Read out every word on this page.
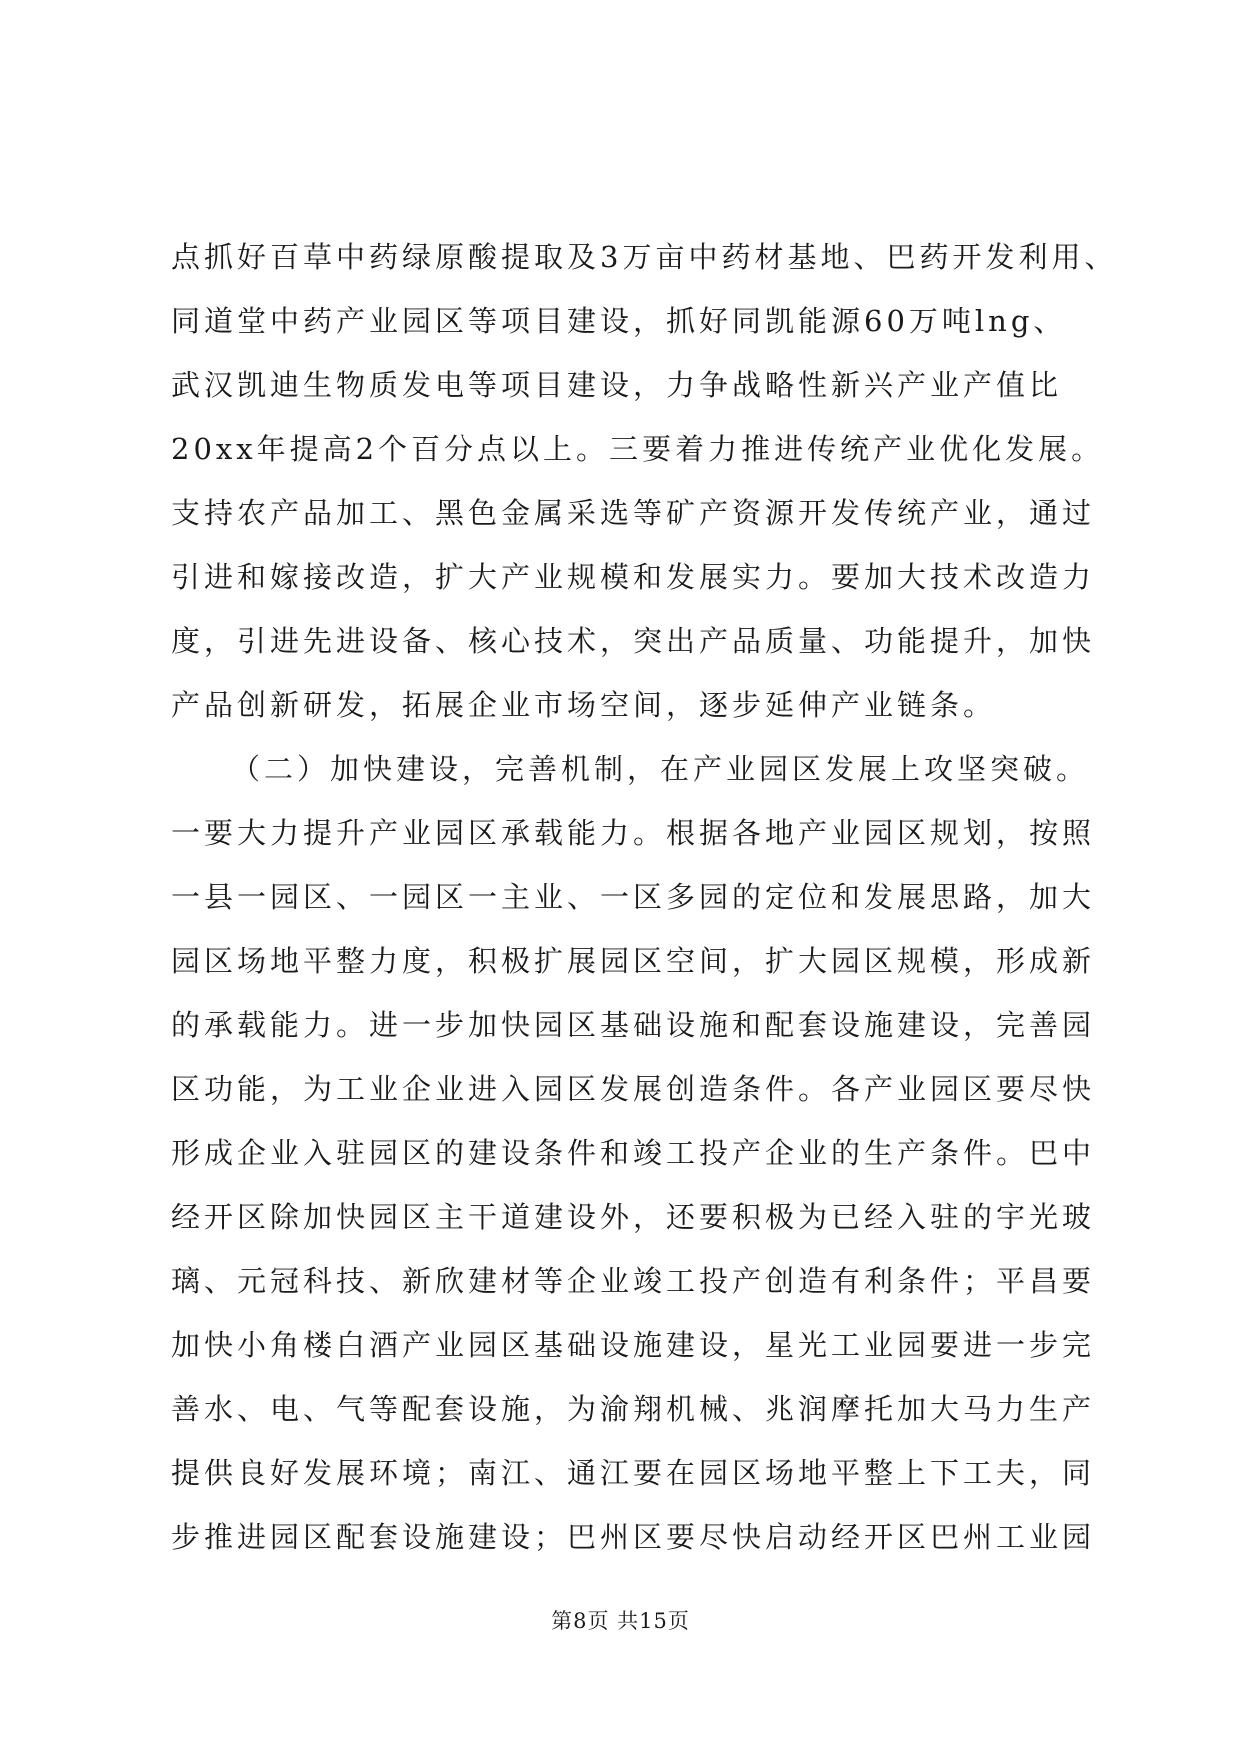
点抓好百草中药绿原酸提取及3万亩中药材基地、巴药开发利用、
同道堂中药产业园区等项目建设，抓好同凯能源60万吨lng、
武汉凯迪生物质发电等项目建设，力争战略性新兴产业产值比
20xx年提高2个百分点以上。三要着力推进传统产业优化发展。
支持农产品加工、黑色金属采选等矿产资源开发传统产业，通过
引进和嫁接改造，扩大产业规模和发展实力。要加大技术改造力
度，引进先进设备、核心技术，突出产品质量、功能提升，加快
产品创新研发，拓展企业市场空间，逐步延伸产业链条。
（二）加快建设，完善机制，在产业园区发展上攻坚突破。
一要大力提升产业园区承载能力。根据各地产业园区规划，按照
一县一园区、一园区一主业、一区多园的定位和发展思路，加大
园区场地平整力度，积极扩展园区空间，扩大园区规模，形成新
的承载能力。进一步加快园区基础设施和配套设施建设，完善园
区功能，为工业企业进入园区发展创造条件。各产业园区要尽快
形成企业入驻园区的建设条件和竣工投产企业的生产条件。巴中
经开区除加快园区主干道建设外，还要积极为已经入驻的宇光玻
璃、元冠科技、新欣建材等企业竣工投产创造有利条件；平昌要
加快小角楼白酒产业园区基础设施建设，星光工业园要进一步完
善水、电、气等配套设施，为渝翔机械、兆润摩托加大马力生产
提供良好发展环境；南江、通江要在园区场地平整上下工夫，同
步推进园区配套设施建设；巴州区要尽快启动经开区巴州工业园
第8页 共15页
